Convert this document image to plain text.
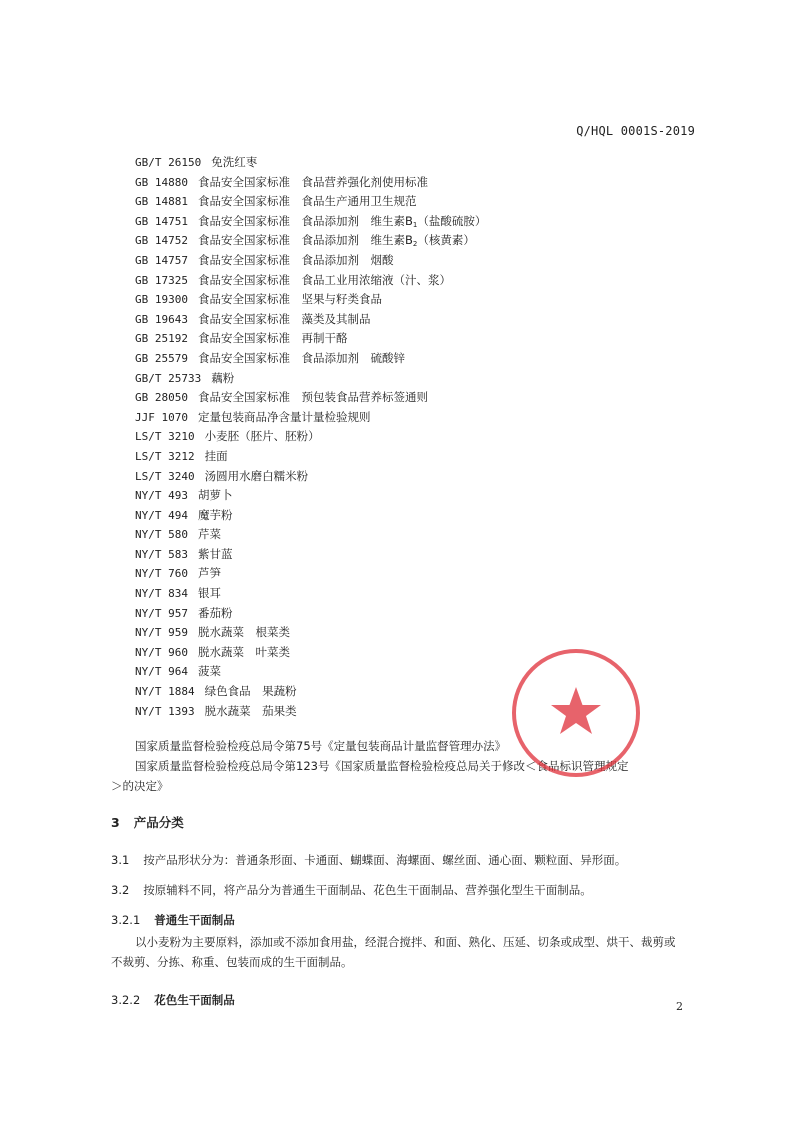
Q/HQL 0001S-2019
GB/T 26150 免洗红枣
GB 14880 食品安全国家标准　食品营养强化剂使用标准
GB 14881 食品安全国家标准　食品生产通用卫生规范
GB 14751 食品安全国家标准　食品添加剂　维生素$B_1$（盐酸硫胺）
GB 14752 食品安全国家标准　食品添加剂　维生素$B_2$（核黄素）
GB 14757 食品安全国家标准　食品添加剂　烟酸
GB 17325 食品安全国家标准　食品工业用浓缩液（汁、浆）
GB 19300 食品安全国家标准　坚果与籽类食品
GB 19643 食品安全国家标准　藻类及其制品
GB 25192 食品安全国家标准　再制干酪
GB 25579 食品安全国家标准　食品添加剂　硫酸锌
GB/T 25733 藕粉
GB 28050 食品安全国家标准　预包装食品营养标签通则
JJF 1070 定量包装商品净含量计量检验规则
LS/T 3210 小麦胚（胚片、胚粉）
LS/T 3212 挂面
LS/T 3240 汤圆用水磨白糯米粉
NY/T 493 胡萝卜
NY/T 494 魔芋粉
NY/T 580 芹菜
NY/T 583 紫甘蓝
NY/T 760 芦笋
NY/T 834 银耳
NY/T 957 番茄粉
NY/T 959 脱水蔬菜　根菜类
NY/T 960 脱水蔬菜　叶菜类
NY/T 964 菠菜
NY/T 1884 绿色食品　果蔬粉
NY/T 1393 脱水蔬菜　茄果类
国家质量监督检验检疫总局令第75号《定量包装商品计量监督管理办法》
国家质量监督检验检疫总局令第123号《国家质量监督检验检疫总局关于修改＜食品标识管理规定
＞的决定》
3 产品分类
3.1 按产品形状分为：普通条形面、卡通面、蝴蝶面、海螺面、螺丝面、通心面、颗粒面、异形面。
3.2 按原辅料不同，将产品分为普通生干面制品、花色生干面制品、营养强化型生干面制品。
3.2.1 普通生干面制品
以小麦粉为主要原料，添加或不添加食用盐，经混合搅拌、和面、熟化、压延、切条或成型、烘干、裁剪或不裁剪、分拣、称重、包装而成的生干面制品。
3.2.2 花色生干面制品	2
